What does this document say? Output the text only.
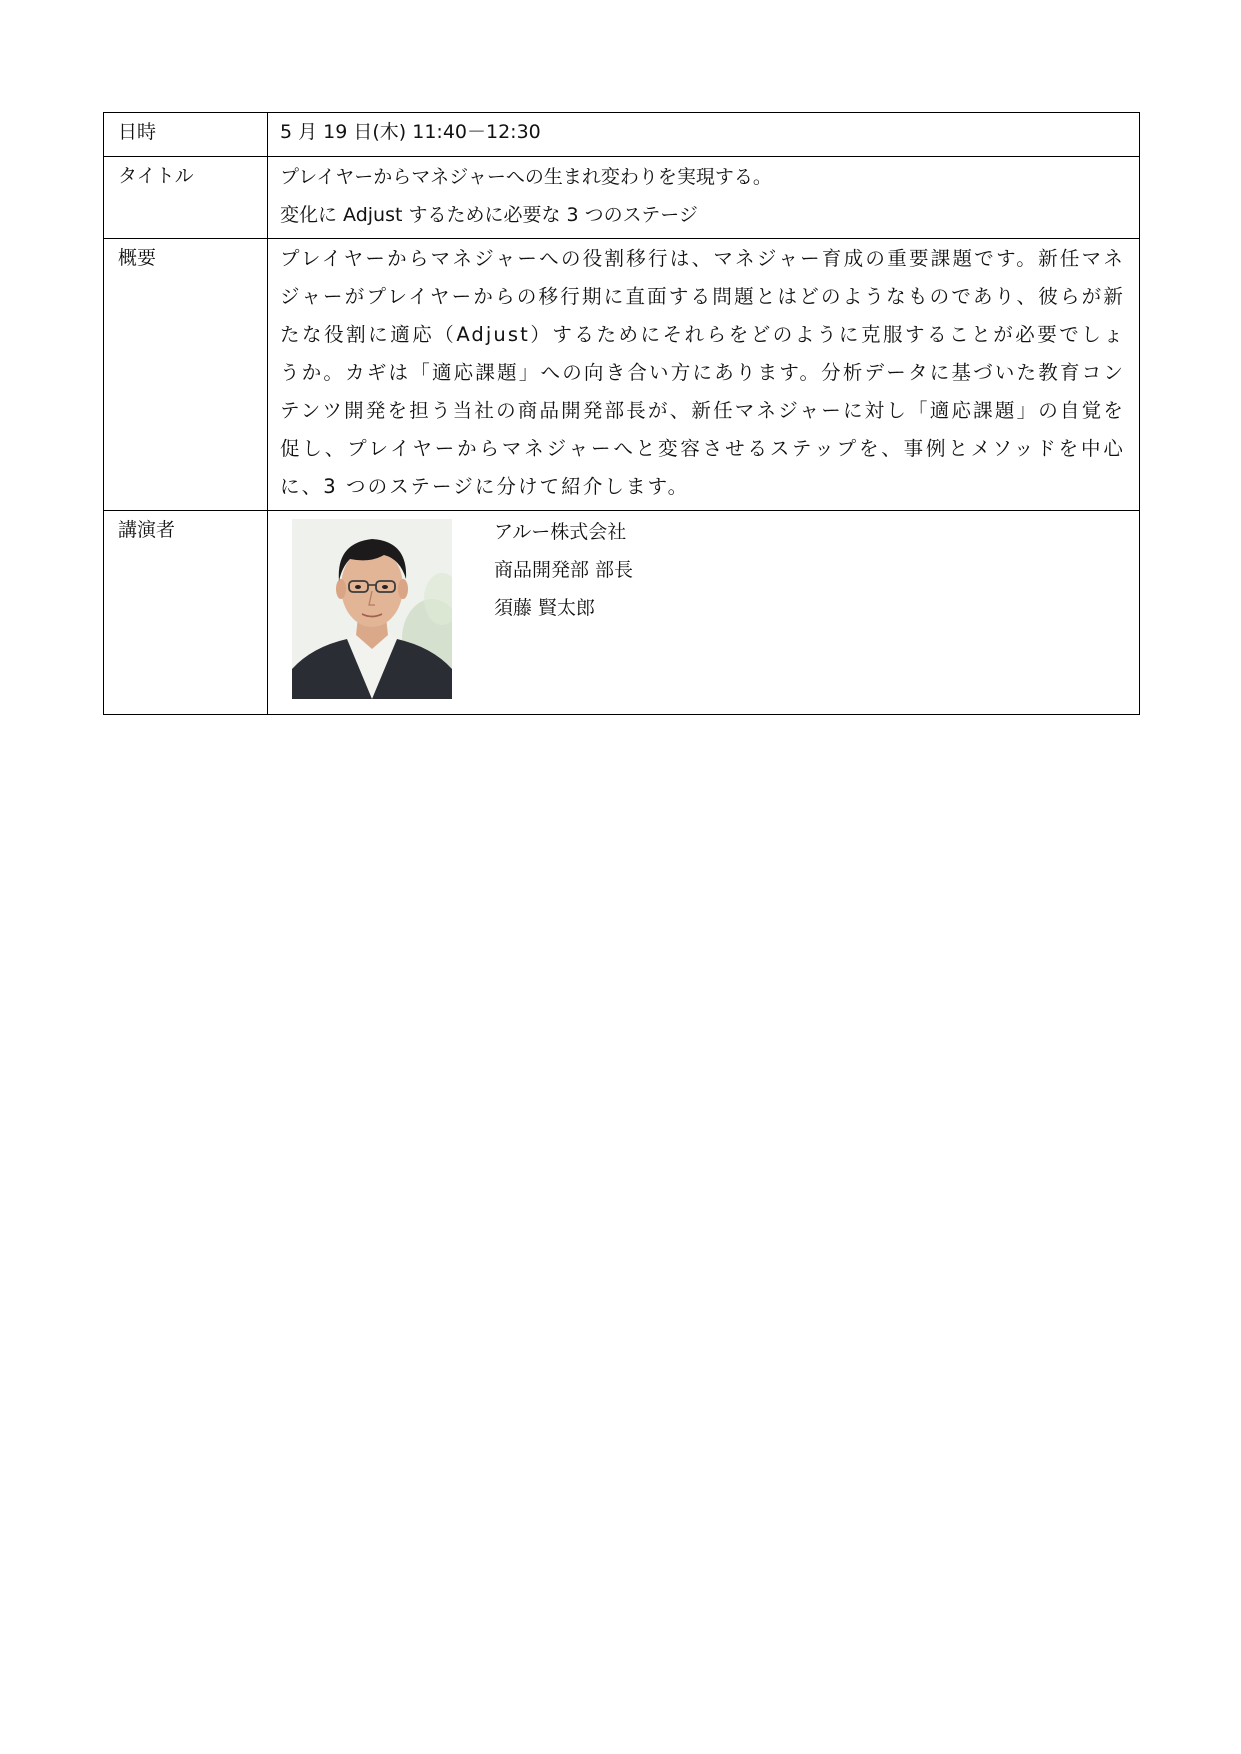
日時	5 月 19 日(木) 11:40－12:30
タイトル	プレイヤーからマネジャーへの生まれ変わりを実現する。
変化に Adjust するために必要な 3 つのステージ

概要	プレイヤーからマネジャーへの役割移行は、マネジャー育成の重要課題です。新任マネジャーがプレイヤーからの移行期に直面する問題とはどのようなものであり、彼らが新たな役割に適応（Adjust）するためにそれらをどのように克服することが必要でしょうか。カギは「適応課題」への向き合い方にあります。分析データに基づいた教育コンテンツ開発を担う当社の商品開発部長が、新任マネジャーに対し「適応課題」の自覚を促し、プレイヤーからマネジャーへと変容させるステップを、事例とメソッドを中心に、3 つのステージに分けて紹介します。

講演者	アルー株式会社
商品開発部 部長
須藤 賢太郎
